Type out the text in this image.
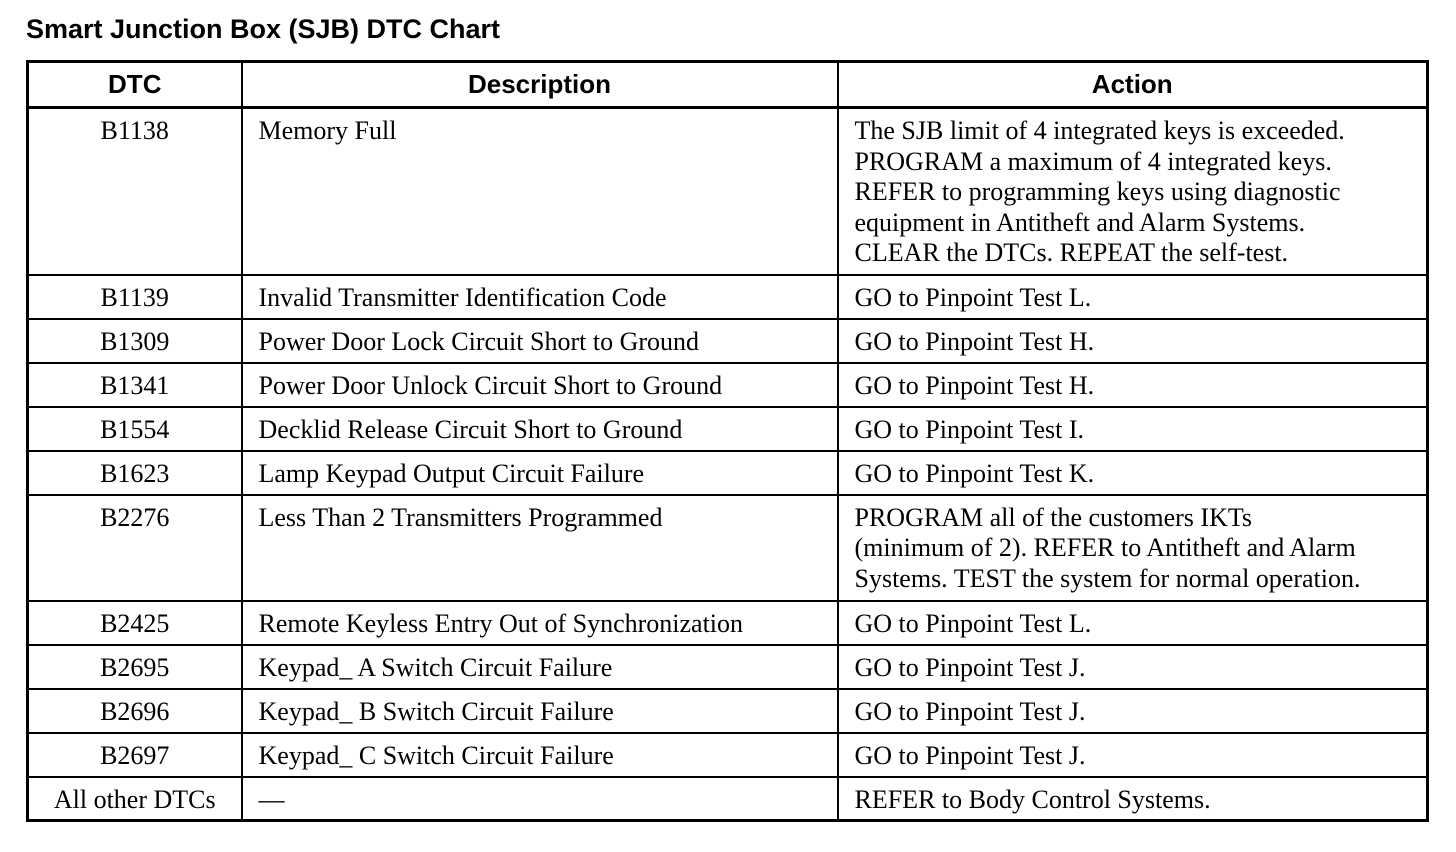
Smart Junction Box (SJB) DTC Chart
DTC	Description	Action
B1138	Memory Full	The SJB limit of 4 integrated keys is exceeded.
PROGRAM a maximum of 4 integrated keys.
REFER to programming keys using diagnostic
equipment in Antitheft and Alarm Systems.
CLEAR the DTCs. REPEAT the self-test.

B1139	Invalid Transmitter Identification Code	GO to Pinpoint Test L.

B1309	Power Door Lock Circuit Short to Ground	GO to Pinpoint Test H.

B1341	Power Door Unlock Circuit Short to Ground	GO to Pinpoint Test H.

B1554	Decklid Release Circuit Short to Ground	GO to Pinpoint Test I.

B1623	Lamp Keypad Output Circuit Failure	GO to Pinpoint Test K.

B2276	Less Than 2 Transmitters Programmed	PROGRAM all of the customers IKTs
(minimum of 2). REFER to Antitheft and Alarm
Systems. TEST the system for normal operation.

B2425	Remote Keyless Entry Out of Synchronization	GO to Pinpoint Test L.

B2695	Keypad_ A Switch Circuit Failure	GO to Pinpoint Test J.

B2696	Keypad_ B Switch Circuit Failure	GO to Pinpoint Test J.

B2697	Keypad_ C Switch Circuit Failure	GO to Pinpoint Test J.

All other DTCs	—	REFER to Body Control Systems.
